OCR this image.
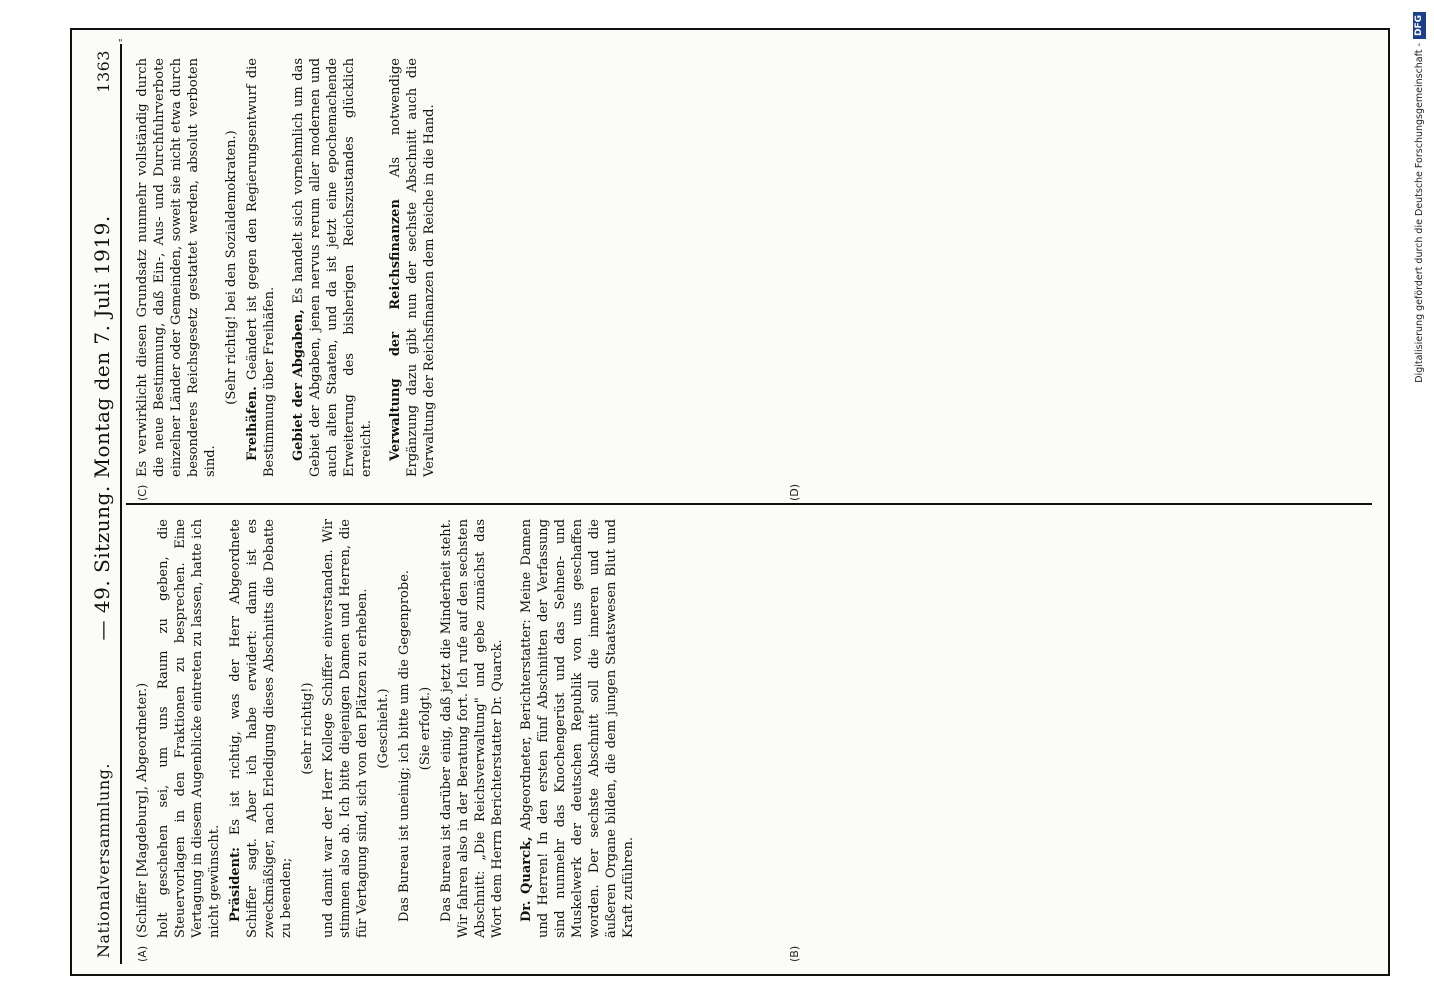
"
Nationalversammlung.
— 49. Sitzung. Montag den 7. Juli 1919.
1363
(A)	(B)

(Schiffer [Magdeburg], Abgeordneter.) holt geschehen sei, um uns Raum zu geben, die Steuervorlagen in den Fraktionen zu besprechen. Eine Vertagung in diesem Augenblicke eintreten zu lassen, hatte ich nicht gewünscht. Präsident: Es ist richtig, was der Herr Abgeordnete Schiffer sagt. Aber ich habe erwidert: dann ist es zweckmäßiger, nach Erledigung dieses Abschnitts die Debatte zu beenden;

(sehr richtig!) und damit war der Herr Kollege Schiffer einverstanden. Wir stimmen also ab. Ich bitte diejenigen Damen und Herren, die für Vertagung sind, sich von den Plätzen zu erheben. (Geschieht.) Das Bureau ist uneinig; ich bitte um die Gegenprobe. (Sie erfolgt.) Das Bureau ist darüber einig, daß jetzt die Minderheit steht. Wir fahren also in der Beratung fort. Ich rufe auf den sechsten Abschnitt: „Die Reichsverwaltung" und gebe zunächst das Wort dem Herrn Berichterstatter Dr. Quarck. Dr. Quarck, Abgeordneter, Berichterstatter: Meine Damen und Herren! In den ersten fünf Abschnitten der Verfassung sind nunmehr das Knochengerüst und das Sehnen- und Muskelwerk der deutschen Republik von uns geschaffen worden. Der sechste Abschnitt soll die inneren und die äußeren Organe bilden, die dem jungen Staatswesen Blut und Kraft zuführen.

(C)	(D)

Es verwirklicht diesen Grundsatz nunmehr vollständig durch die neue Bestimmung, daß Ein-, Aus- und Durchfuhrverbote einzelner Länder oder Gemeinden, soweit sie nicht etwa durch besonderes Reichsgesetz gestattet werden, absolut verboten sind.

(Sehr richtig! bei den Sozialdemokraten.)

Freihäfen. Geändert ist gegen den Regierungsentwurf die Bestimmung über Freihäfen. Gebiet der Abgaben, Es handelt sich vornehmlich um das Gebiet der Abgaben, jenen nervus rerum aller modernen und auch alten Staaten, und da ist jetzt eine epochemachende Erweiterung des bisherigen Reichszustandes glücklich erreicht. Verwaltung der Reichsfinanzen Als notwendige Ergänzung dazu gibt nun der sechste Abschnitt auch die Verwaltung der Reichsfinanzen dem Reiche in die Hand.	Digitalisierung gefördert durch die Deutsche Forschungsgemeinschaft -DFG
